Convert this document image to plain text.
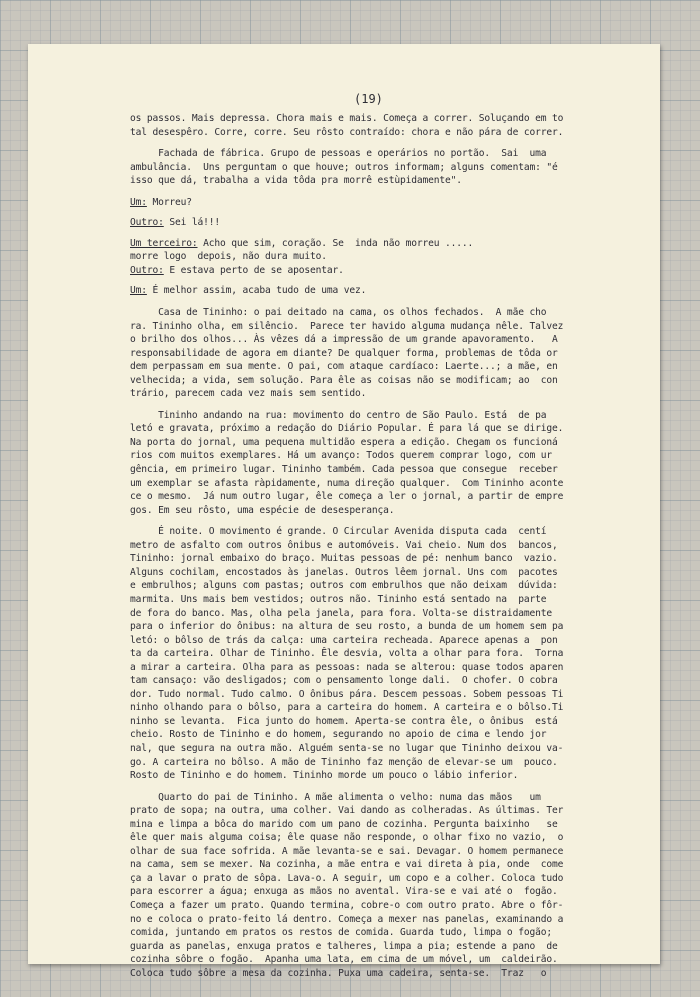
(19)

os passos. Mais depressa. Chora mais e mais. Começa a correr. Soluçando em to
tal desespêro. Corre, corre. Seu rôsto contraído: chora e não pára de correr.

Fachada de fábrica. Grupo de pessoas e operários no portão.  Sai  uma
ambulância.  Uns perguntam o que houve; outros informam; alguns comentam: "é
isso que dá, trabalha a vida tôda pra morrê estùpidamente".

Um: Morreu?

Outro: Sei lá!!!

Um terceiro: Acho que sim, coração. Se  inda não morreu .....

morre logo  depois, não dura muito.

Outro: E estava perto de se aposentar.

Um: É melhor assim, acaba tudo de uma vez.

Casa de Tininho: o pai deitado na cama, os olhos fechados.  A mãe cho
ra. Tininho olha, em silêncio.  Parece ter havido alguma mudança nêle. Talvez
o brilho dos olhos... Às vêzes dá a impressão de um grande apavoramento.   A
responsabilidade de agora em diante? De qualquer forma, problemas de tôda or
dem perpassam em sua mente. O pai, com ataque cardíaco: Laerte...; a mãe, en
velhecida; a vida, sem solução. Para êle as coisas não se modificam; ao  con
trário, parecem cada vez mais sem sentido.

Tininho andando na rua: movimento do centro de São Paulo. Está  de pa
letó e gravata, próximo a redação do Diário Popular. É para lá que se dirige.
Na porta do jornal, uma pequena multidão espera a edição. Chegam os funcioná
rios com muitos exemplares. Há um avanço: Todos querem comprar logo, com ur
gência, em primeiro lugar. Tininho também. Cada pessoa que consegue  receber
um exemplar se afasta ràpidamente, numa direção qualquer.  Com Tininho aconte
ce o mesmo.  Já num outro lugar, êle começa a ler o jornal, a partir de empre
gos. Em seu rôsto, uma espécie de desesperança.

É noite. O movimento é grande. O Circular Avenida disputa cada  centí
metro de asfalto com outros ônibus e automóveis. Vai cheio. Num dos  bancos,
Tininho: jornal embaixo do braço. Muitas pessoas de pé: nenhum banco  vazio.
Alguns cochilam, encostados às janelas. Outros lêem jornal. Uns com  pacotes
e embrulhos; alguns com pastas; outros com embrulhos que não deixam  dúvida:
marmita. Uns mais bem vestidos; outros não. Tininho está sentado na  parte
de fora do banco. Mas, olha pela janela, para fora. Volta-se distraidamente
para o inferior do ônibus: na altura de seu rosto, a bunda de um homem sem pa
letó: o bôlso de trás da calça: uma carteira recheada. Aparece apenas a  pon
ta da carteira. Olhar de Tininho. Êle desvia, volta a olhar para fora.  Torna
a mirar a carteira. Olha para as pessoas: nada se alterou: quase todos aparen
tam cansaço: vão desligados; com o pensamento longe dali.  O chofer. O cobra
dor. Tudo normal. Tudo calmo. O ônibus pára. Descem pessoas. Sobem pessoas Ti
ninho olhando para o bôlso, para a carteira do homem. A carteira e o bôlso.Ti
ninho se levanta.  Fica junto do homem. Aperta-se contra êle, o ônibus  está
cheio. Rosto de Tininho e do homem, segurando no apoio de cima e lendo jor
nal, que segura na outra mão. Alguém senta-se no lugar que Tininho deixou va-
go. A carteira no bôlso. A mão de Tininho faz menção de elevar-se um  pouco.
Rosto de Tininho e do homem. Tininho morde um pouco o lábio inferior.

Quarto do pai de Tininho. A mãe alimenta o velho: numa das mãos   um
prato de sopa; na outra, uma colher. Vai dando as colheradas. As últimas. Ter
mina e limpa a bôca do marido com um pano de cozinha. Pergunta baixinho   se
êle quer mais alguma coisa; êle quase não responde, o olhar fixo no vazio,  o
olhar de sua face sofrida. A mãe levanta-se e sai. Devagar. O homem permanece
na cama, sem se mexer. Na cozinha, a mãe entra e vai direta à pia, onde  come
ça a lavar o prato de sôpa. Lava-o. A seguir, um copo e a colher. Coloca tudo
para escorrer a água; enxuga as mãos no avental. Vira-se e vai até o  fogão.
Começa a fazer um prato. Quando termina, cobre-o com outro prato. Abre o fôr-
no e coloca o prato-feito lá dentro. Começa a mexer nas panelas, examinando a
comida, juntando em pratos os restos de comida. Guarda tudo, limpa o fogão;
guarda as panelas, enxuga pratos e talheres, limpa a pia; estende a pano  de
cozinha sôbre o fogão.  Apanha uma lata, em cima de um móvel, um  caldeirão.
Coloca tudo sôbre a mesa da cozinha. Puxa uma cadeira, senta-se.  Traz   o
